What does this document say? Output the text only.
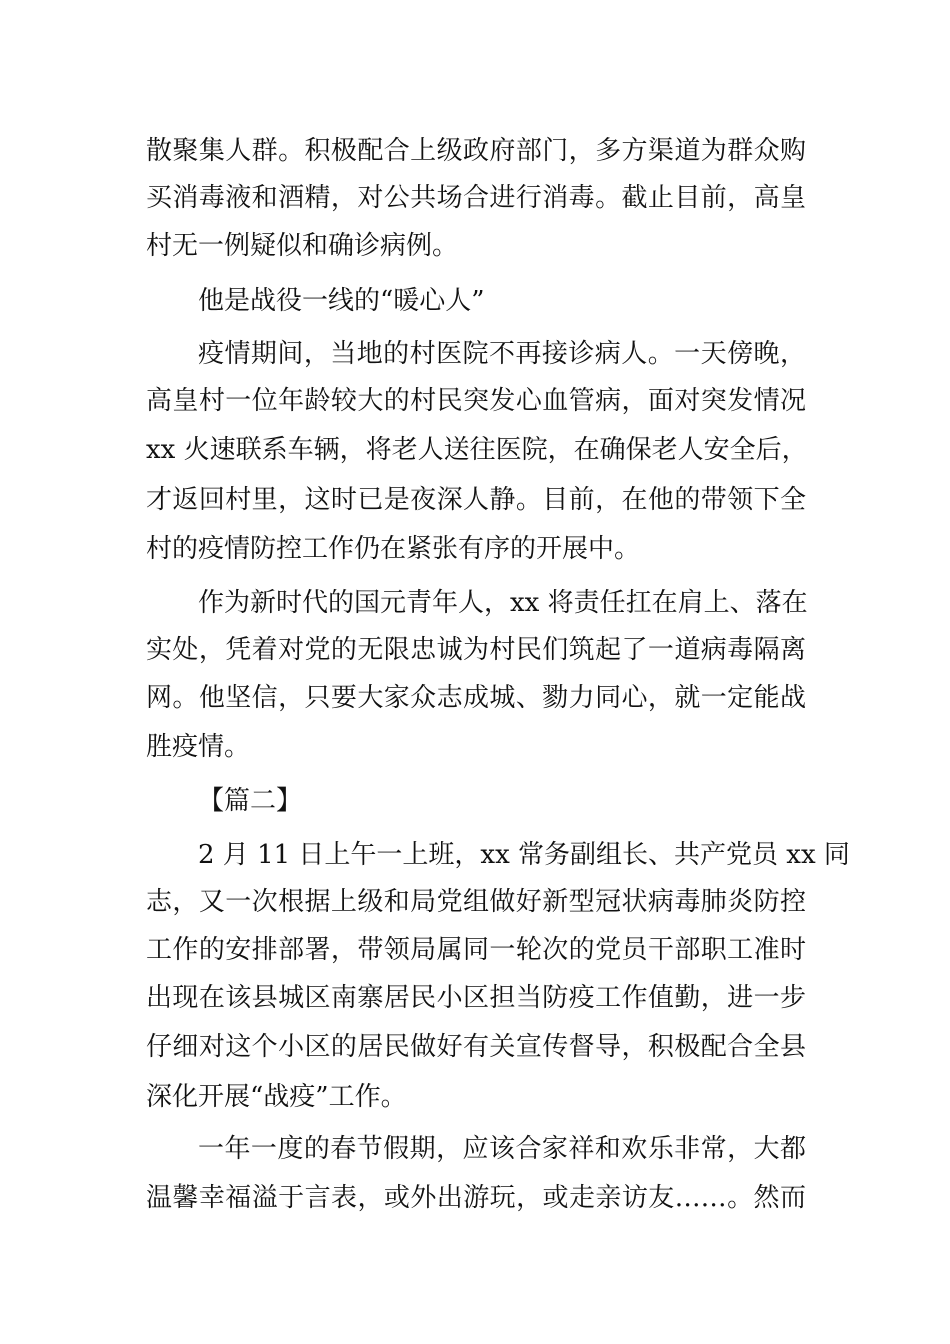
散聚集人群。积极配合上级政府部门，多方渠道为群众购

买消毒液和酒精，对公共场合进行消毒。截止目前，高皇

村无一例疑似和确诊病例。

他是战役一线的“暖心人”

疫情期间，当地的村医院不再接诊病人。一天傍晚，

高皇村一位年龄较大的村民突发心血管病，面对突发情况

xx 火速联系车辆，将老人送往医院，在确保老人安全后，

才返回村里，这时已是夜深人静。目前，在他的带领下全

村的疫情防控工作仍在紧张有序的开展中。

作为新时代的国元青年人，xx 将责任扛在肩上、落在

实处，凭着对党的无限忠诚为村民们筑起了一道病毒隔离

网。他坚信，只要大家众志成城、勠力同心，就一定能战

胜疫情。

【篇二】

2 月 11 日上午一上班，xx 常务副组长、共产党员 xx 同

志，又一次根据上级和局党组做好新型冠状病毒肺炎防控

工作的安排部署，带领局属同一轮次的党员干部职工准时

出现在该县城区南寨居民小区担当防疫工作值勤，进一步

仔细对这个小区的居民做好有关宣传督导，积极配合全县

深化开展“战疫”工作。

一年一度的春节假期，应该合家祥和欢乐非常，大都

温馨幸福溢于言表，或外出游玩，或走亲访友……。然而
